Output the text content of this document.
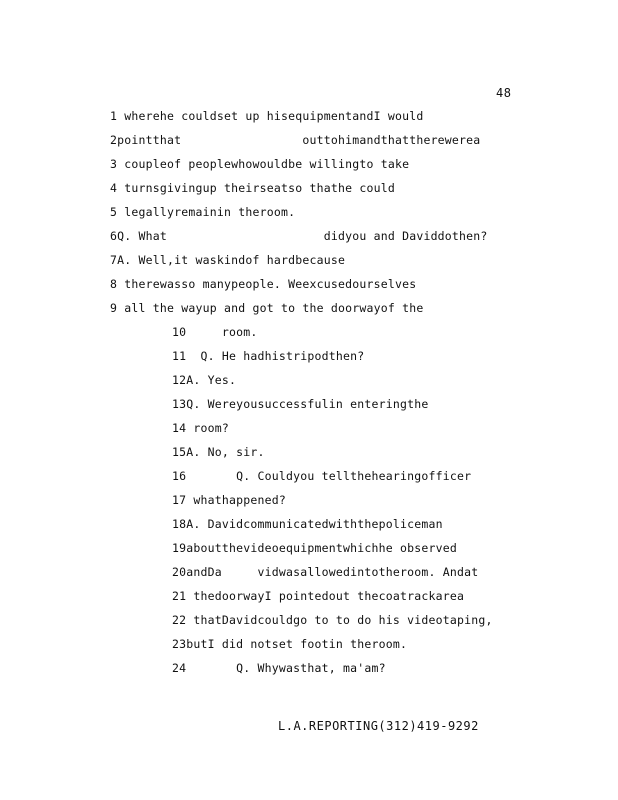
48
1 wherehe couldset up hisequipmentandI would
2pointthat                 outtohimandthattherewerea
3 coupleof peoplewhowouldbe willingto take
4 turnsgivingup theirseatso thathe could
5 legallyremainin theroom.
6Q. What                      didyou and Daviddothen?
7A. Well,it waskindof hardbecause
8 therewasso manypeople. Weexcusedourselves
9 all the wayup and got to the doorwayof the
10     room.
11  Q. He hadhistripodthen?
12A. Yes.
13Q. Wereyousuccessfulin enteringthe
14 room?
15A. No, sir.
16       Q. Couldyou tellthehearingofficer
17 whathappened?
18A. Davidcommunicatedwiththepoliceman
19aboutthevideoequipmentwhichhe observed
20andDa     vidwasallowedintotheroom. Andat
21 thedoorwayI pointedout thecoatrackarea
22 thatDavidcouldgo to to do his videotaping,
23butI did notset footin theroom.
24       Q. Whywasthat, ma'am?
L.A.REPORTING(312)419-9292
